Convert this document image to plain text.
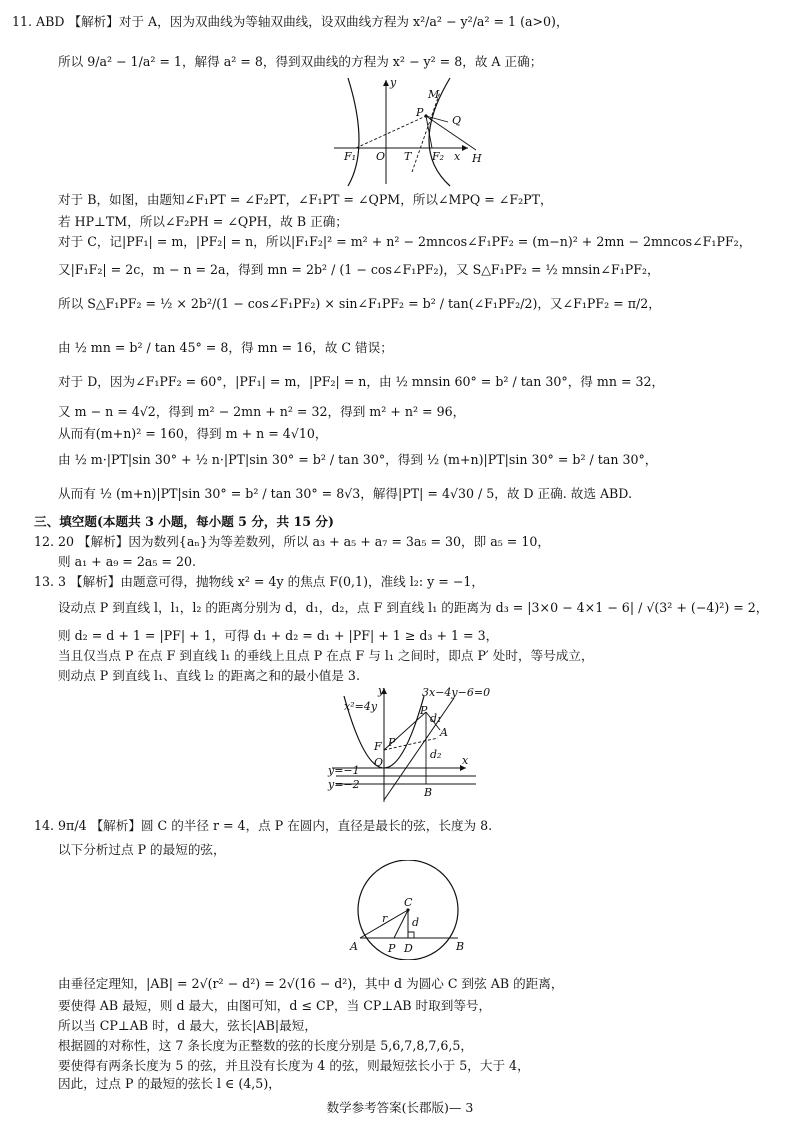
11. ABD 【解析】对于 A，因为双曲线为等轴双曲线，设双曲线方程为 x²/a² − y²/a² = 1 (a>0)，
所以 9/a² − 1/a² = 1，解得 a² = 8，得到双曲线的方程为 x² − y² = 8，故 A 正确；
y
M
P
Q
F₁ O T F₂ x H
对于 B，如图，由题知∠F₁PT = ∠F₂PT，∠F₁PT = ∠QPM，所以∠MPQ = ∠F₂PT，
若 HP⊥TM，所以∠F₂PH = ∠QPH，故 B 正确；
对于 C，记|PF₁| = m，|PF₂| = n，所以|F₁F₂|² = m² + n² − 2mncos∠F₁PF₂ = (m−n)² + 2mn − 2mncos∠F₁PF₂，
又|F₁F₂| = 2c，m − n = 2a，得到 mn = 2b² / (1 − cos∠F₁PF₂)，又 S△F₁PF₂ = ½ mnsin∠F₁PF₂，
所以 S△F₁PF₂ = ½ × 2b²/(1 − cos∠F₁PF₂) × sin∠F₁PF₂ = b² / tan(∠F₁PF₂/2)，又∠F₁PF₂ = π/2，
由 ½ mn = b² / tan 45° = 8，得 mn = 16，故 C 错误；
对于 D，因为∠F₁PF₂ = 60°，|PF₁| = m，|PF₂| = n，由 ½ mnsin 60° = b² / tan 30°，得 mn = 32，
又 m − n = 4√2，得到 m² − 2mn + n² = 32，得到 m² + n² = 96，
从而有(m+n)² = 160，得到 m + n = 4√10，
由 ½ m·|PT|sin 30° + ½ n·|PT|sin 30° = b² / tan 30°，得到 ½ (m+n)|PT|sin 30° = b² / tan 30°，
从而有 ½ (m+n)|PT|sin 30° = b² / tan 30° = 8√3，解得|PT| = 4√30 / 5，故 D 正确. 故选 ABD.
三、填空题(本题共 3 小题，每小题 5 分，共 15 分)
12. 20 【解析】因为数列{aₙ}为等差数列，所以 a₃ + a₅ + a₇ = 3a₅ = 30，即 a₅ = 10，
则 a₁ + a₉ = 2a₅ = 20.
13. 3 【解析】由题意可得，抛物线 x² = 4y 的焦点 F(0,1)，准线 l₂: y = −1，
设动点 P 到直线 l，l₁，l₂ 的距离分别为 d，d₁，d₂，点 F 到直线 l₁ 的距离为 d₃ = |3×0 − 4×1 − 6| / √(3² + (−4)²) = 2，
则 d₂ = d + 1 = |PF| + 1，可得 d₁ + d₂ = d₁ + |PF| + 1 ≥ d₃ + 1 = 3，
当且仅当点 P 在点 F 到直线 l₁ 的垂线上且点 P 在点 F 与 l₁ 之间时，即点 P′ 处时，等号成立，
则动点 P 到直线 l₁、直线 l₂ 的距离之和的最小值是 3.
y	3x−4y−6=0
x²=4y	P
d₁
A
F P′
O
d₂ x
y=−1
y=−2
B
14. 9π/4 【解析】圆 C 的半径 r = 4，点 P 在圆内，直径是最长的弦，长度为 8.
以下分析过点 P 的最短的弦，
C
r d
A	P D	B
由垂径定理知，|AB| = 2√(r² − d²) = 2√(16 − d²)，其中 d 为圆心 C 到弦 AB 的距离，
要使得 AB 最短，则 d 最大，由图可知，d ≤ CP，当 CP⊥AB 时取到等号，
所以当 CP⊥AB 时，d 最大，弦长|AB|最短，
根据圆的对称性，这 7 条长度为正整数的弦的长度分别是 5,6,7,8,7,6,5，
要使得有两条长度为 5 的弦，并且没有长度为 4 的弦，则最短弦长小于 5，大于 4，
因此，过点 P 的最短的弦长 l ∈ (4,5)，
数学参考答案(长郡版)— 3
